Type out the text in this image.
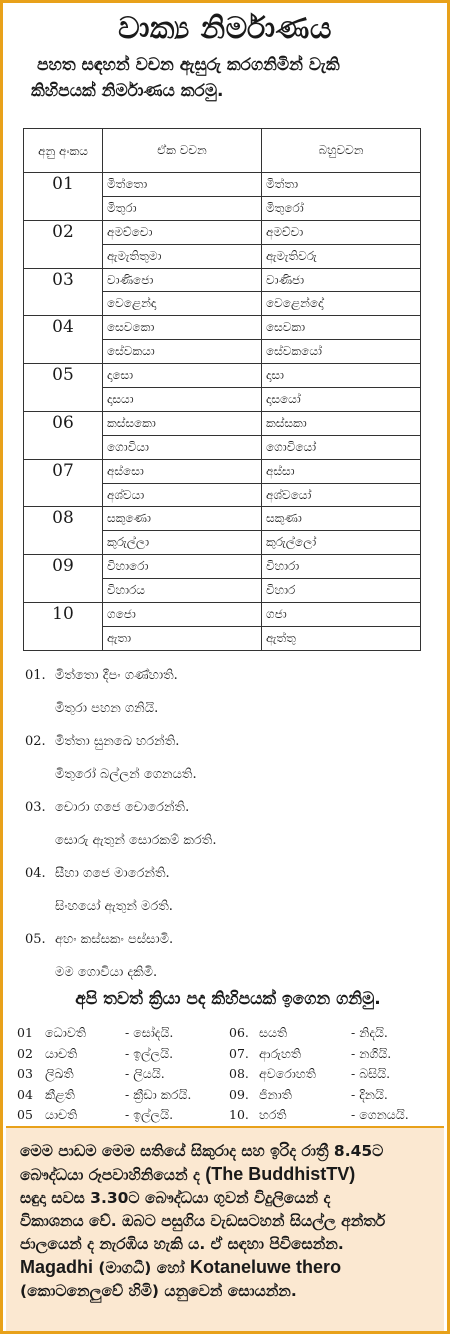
වාක්‍ය නිර්මාණය
පහත සඳහන් වචන ඇසුරු කරගනිමින් වැකි
කිහිපයක් නිර්මාණය කරමු.
අනු අංකය	ඒක වචන	බහුවචන
01	මිත්තො	මිත්තා
	මිතුරා	මිතුරෝ
02	අමච්චො	අමච්චා
	ඇමැතිතුමා	ඇමැතිවරු
03	වාණිජො	වාණිජා
	වෙළෙන්දා	වෙළෙන්දෝ
04	සෙවකො	සෙවකා
	සේවකයා	සේවකයෝ
05	දාසො	දාසා
	දාසයා	දාසයෝ
06	කස්සකො	කස්සකා
	ගොවියා	ගොවියෝ
07	අස්සො	අස්සා
	අශ්වයා	අශ්වයෝ
08	සකුණො	සකුණා
	කුරුල්ලා	කුරුල්ලෝ
09	විහාරො	විහාරා
	විහාරය	විහාර
10	ගජො	ගජා
	ඇතා	ඇත්තු
01. මිත්තො දීපං ගණ්හාති.
මිතුරා පහන ගනියි.
02. මිත්තා සුනඛෙ හරන්ති.
මිතුරෝ බල්ලන් ගෙනයති.
03. චොරා ගජෙ චොරෙන්ති.
සොරු ඇතුන් සොරකම් කරති.
04. සීහා ගජෙ මාරෙන්ති.
සිංහයෝ ඇතුන් මරති.
05. අහං කස්සකං පස්සාමි.
මම ගොවියා දකිමි.
අපි තවත් ක්‍රියා පද කිහිපයක් ඉගෙන ගනිමු.
01 ධොවති	- සෝදයි.	06. සයති	- නිදයි.
02 යාචති	- ඉල්ලයි.	07. ආරුහති	- නගියි.
03 ලිඛති	- ලියයි.	08. අවරොහති	- බසියි.
04 කීළති	- ක්‍රීඩා කරයි.	09. ජිනාති	- දිනයි.
05 යාචති	- ඉල්ලයි.	10. හරති	- ගෙනයයි.
මෙම පාඩම මෙම සතියේ සිකුරාද සහ ඉරිද රාත්‍රී 8.45ට
බෞද්ධයා රූපවාහිනියෙන් ද (The BuddhistTV)
සඳුදා සවස 3.30ට බෞද්ධයා ගුවන් විදුලියෙන් ද
විකාශනය වේ. ඔබට පසුගිය වැඩසටහන් සියල්ල අන්තර්
ජාලයෙන් ද නැරඹිය හැකි ය. ඒ සඳහා පිවිසෙන්න.
Magadhi (මාගධී) හෝ Kotaneluwe thero
(කොටනෙලුවේ හිමි) යනුවෙන් සොයන්න.
